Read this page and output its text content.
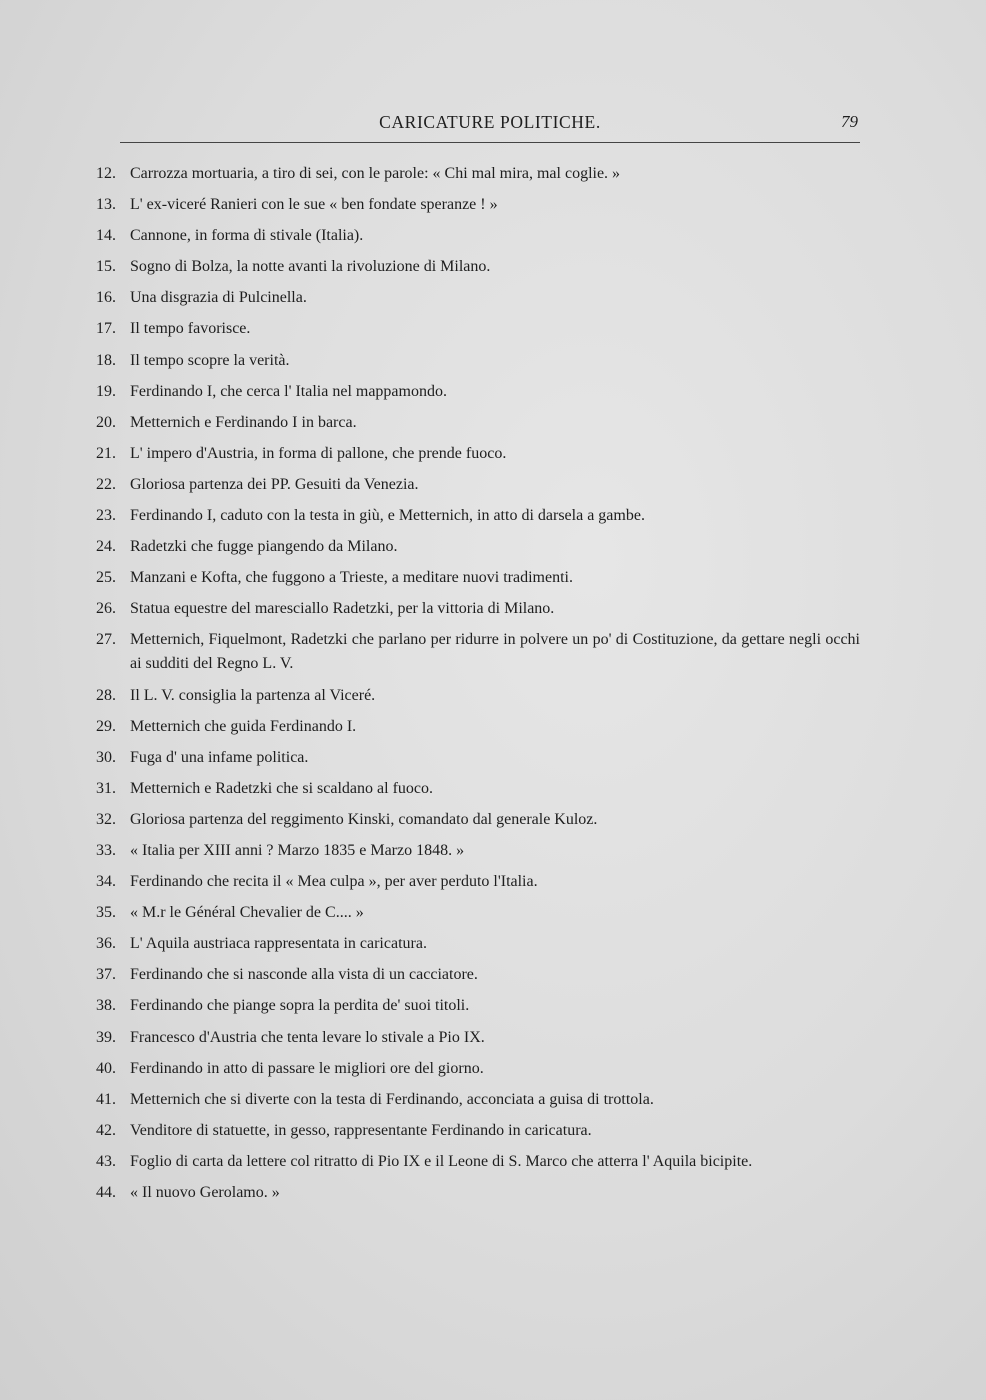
CARICATURE POLITICHE.	79
12. Carrozza mortuaria, a tiro di sei, con le parole: « Chi mal mira, mal coglie. »
13. L' ex-viceré Ranieri con le sue « ben fondate speranze ! »
14. Cannone, in forma di stivale (Italia).
15. Sogno di Bolza, la notte avanti la rivoluzione di Milano.
16. Una disgrazia di Pulcinella.
17. Il tempo favorisce.
18. Il tempo scopre la verità.
19. Ferdinando I, che cerca l' Italia nel mappamondo.
20. Metternich e Ferdinando I in barca.
21. L' impero d'Austria, in forma di pallone, che prende fuoco.
22. Gloriosa partenza dei PP. Gesuiti da Venezia.
23. Ferdinando I, caduto con la testa in giù, e Metternich, in atto di darsela a gambe.
24. Radetzki che fugge piangendo da Milano.
25. Manzani e Kofta, che fuggono a Trieste, a meditare nuovi tradimenti.
26. Statua equestre del maresciallo Radetzki, per la vittoria di Milano.
27. Metternich, Fiquelmont, Radetzki che parlano per ridurre in polvere un po' di Costituzione, da gettare negli occhi ai sudditi del Regno L. V.
28. Il L. V. consiglia la partenza al Viceré.
29. Metternich che guida Ferdinando I.
30. Fuga d' una infame politica.
31. Metternich e Radetzki che si scaldano al fuoco.
32. Gloriosa partenza del reggimento Kinski, comandato dal generale Kuloz.
33. « Italia per XIII anni ? Marzo 1835 e Marzo 1848. »
34. Ferdinando che recita il « Mea culpa », per aver perduto l'Italia.
35. « M.r le Général Chevalier de C.... »
36. L' Aquila austriaca rappresentata in caricatura.
37. Ferdinando che si nasconde alla vista di un cacciatore.
38. Ferdinando che piange sopra la perdita de' suoi titoli.
39. Francesco d'Austria che tenta levare lo stivale a Pio IX.
40. Ferdinando in atto di passare le migliori ore del giorno.
41. Metternich che si diverte con la testa di Ferdinando, acconciata a guisa di trottola.
42. Venditore di statuette, in gesso, rappresentante Ferdinando in caricatura.
43. Foglio di carta da lettere col ritratto di Pio IX e il Leone di S. Marco che atterra l' Aquila bicipite.
44. « Il nuovo Gerolamo. »
